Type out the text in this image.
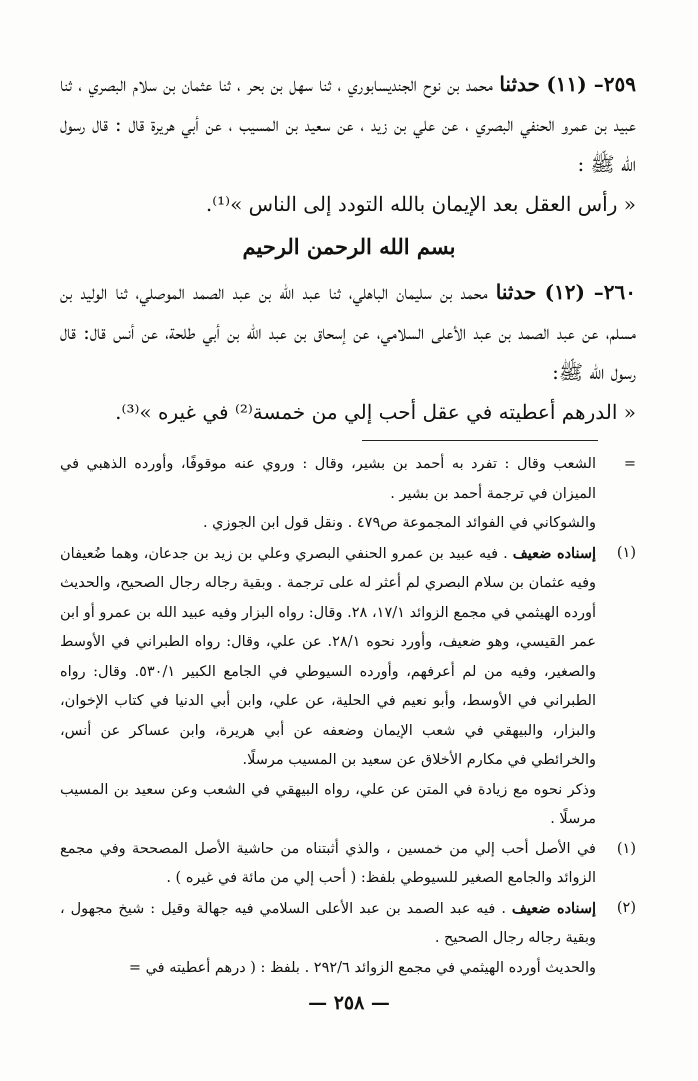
٢٥٩– (١١) حدثنا محمد بن نوح الجنديسابوري ، ثنا سهل بن بحر ، ثنا عثمان بن سلام البصري ، ثنا عبيد بن عمرو الحنفي البصري ، عن علي بن زيد ، عن سعيد بن المسيب ، عن أبي هريرة قال : قال رسول الله ﷺ :

« رأس العقل بعد الإيمان بالله التودد إلى الناس »⁽¹⁾.

بسم الله الرحمن الرحيم

٢٦٠– (١٢) حدثنا محمد بن سليمان الباهلي، ثنا عبد الله بن عبد الصمد الموصلي، ثنا الوليد بن مسلم، عن عبد الصمد بن عبد الأعلى السلامي، عن إسحاق بن عبد الله بن أبي طلحة، عن أنس قال: قال رسول الله ﷺ:

« الدرهم أعطيته في عقل أحب إلي من خمسة⁽²⁾ في غيره »⁽³⁾.

=
الشعب وقال : تفرد به أحمد بن بشير، وقال : وروي عنه موقوفًا، وأورده الذهبي في الميزان في ترجمة أحمد بن بشير .
والشوكاني في الفوائد المجموعة ص٤٧٩ . ونقل قول ابن الجوزي .
(١)
إسناده ضعيف . فيه عبيد بن عمرو الحنفي البصري وعلي بن زيد بن جدعان، وهما ضُعيفان وفيه عثمان بن سلام البصري لم أعثر له على ترجمة . وبقية رجاله رجال الصحيح، والحديث أورده الهيثمي في مجمع الزوائد ١٧/١، ٢٨. وقال: رواه البزار وفيه عبيد الله بن عمرو أو ابن عمر القيسي، وهو ضعيف، وأورد نحوه ٢٨/١. عن علي، وقال: رواه الطبراني في الأوسط والصغير، وفيه من لم أعرفهم، وأورده السيوطي في الجامع الكبير ٥٣٠/١. وقال: رواه الطبراني في الأوسط، وأبو نعيم في الحلية، عن علي، وابن أبي الدنيا في كتاب الإخوان، والبزار، والبيهقي في شعب الإيمان وضعفه عن أبي هريرة، وابن عساكر عن أنس، والخرائطي في مكارم الأخلاق عن سعيد بن المسيب مرسلًا.
وذكر نحوه مع زيادة في المتن عن علي، رواه البيهقي في الشعب وعن سعيد بن المسيب مرسلًا .
(١)
في الأصل أحب إلي من خمسين ، والذي أثبتناه من حاشية الأصل المصححة وفي مجمع الزوائد والجامع الصغير للسيوطي بلفظ: ( أحب إلي من مائة في غيره ) .
(٢)
إسناده ضعيف . فيه عبد الصمد بن عبد الأعلى السلامي فيه جهالة وقيل : شيخ مجهول ، وبقية رجاله رجال الصحيح .
والحديث أورده الهيثمي في مجمع الزوائد ٢٩٢/٦ . بلفظ : ( درهم أعطيته في =
— ٢٥٨ —
